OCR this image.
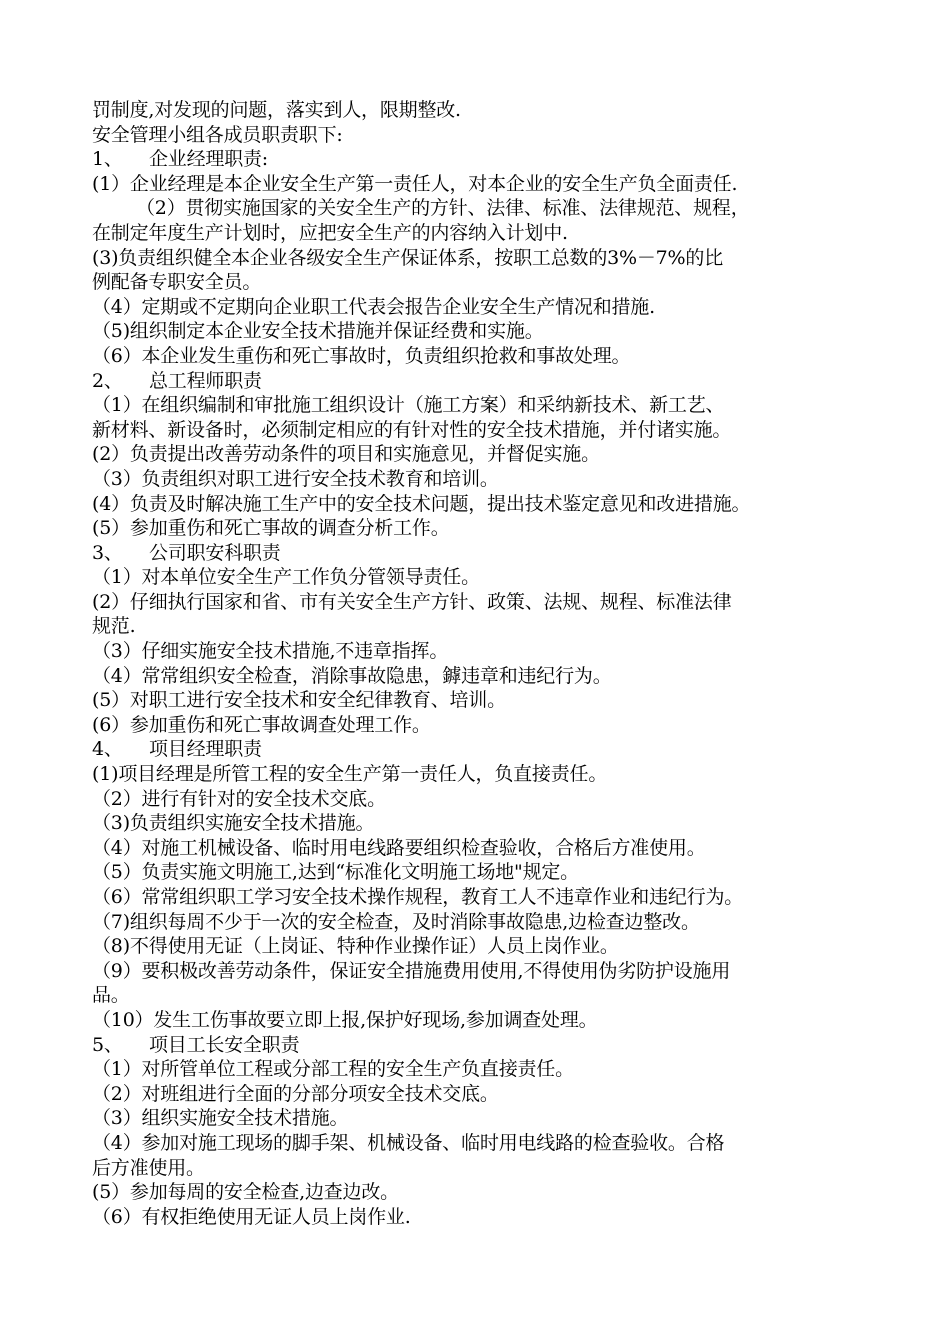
罚制度,对发现的问题，落实到人，限期整改.
安全管理小组各成员职责职下:
1、 企业经理职责:
(1）企业经理是本企业安全生产第一责任人，对本企业的安全生产负全面责任.
（2）贯彻实施国家的关安全生产的方针、法律、标准、法律规范、规程，
在制定年度生产计划时，应把安全生产的内容纳入计划中.
(3)负责组织健全本企业各级安全生产保证体系，按职工总数的3%－7%的比
例配备专职安全员。
（4）定期或不定期向企业职工代表会报告企业安全生产情况和措施.
（5)组织制定本企业安全技术措施并保证经费和实施。
（6）本企业发生重伤和死亡事故时，负责组织抢救和事故处理。
2、 总工程师职责
（1）在组织编制和审批施工组织设计（施工方案）和采纳新技术、新工艺、
新材料、新设备时，必须制定相应的有针对性的安全技术措施，并付诸实施。
(2）负责提出改善劳动条件的项目和实施意见，并督促实施。
（3）负责组织对职工进行安全技术教育和培训。
(4）负责及时解决施工生产中的安全技术问题，提出技术鉴定意见和改进措施。
(5）参加重伤和死亡事故的调查分析工作。
3、 公司职安科职责
（1）对本单位安全生产工作负分管领导责任。
(2）仔细执行国家和省、市有关安全生产方针、政策、法规、规程、标准法律
规范.
（3）仔细实施安全技术措施,不违章指挥。
（4）常常组织安全检查，消除事故隐患，鏬违章和违纪行为。
(5）对职工进行安全技术和安全纪律教育、培训。
(6）参加重伤和死亡事故调查处理工作。
4、 项目经理职责
(1)项目经理是所管工程的安全生产第一责任人，负直接责任。
（2）进行有针对的安全技术交底。
（3)负责组织实施安全技术措施。
（4）对施工机械设备、临时用电线路要组织检查验收，合格后方准使用。
（5）负责实施文明施工,达到“标准化文明施工场地"规定。
（6）常常组织职工学习安全技术操作规程，教育工人不违章作业和违纪行为。
（7)组织每周不少于一次的安全检查，及时消除事故隐患,边检查边整改。
（8)不得使用无证（上岗证、特种作业操作证）人员上岗作业。
（9）要积极改善劳动条件，保证安全措施费用使用,不得使用伪劣防护设施用
品。
（10）发生工伤事故要立即上报,保护好现场,参加调查处理。
5、 项目工长安全职责
（1）对所管单位工程或分部工程的安全生产负直接责任。
（2）对班组进行全面的分部分项安全技术交底。
（3）组织实施安全技术措施。
（4）参加对施工现场的脚手架、机械设备、临时用电线路的检查验收。合格
后方准使用。
(5）参加每周的安全检查,边查边改。
（6）有权拒绝使用无证人员上岗作业.
